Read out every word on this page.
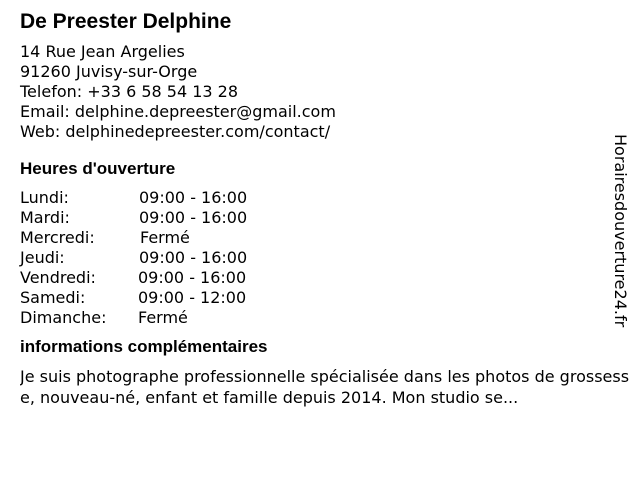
De Preester Delphine
14 Rue Jean Argelies
91260 Juvisy-sur-Orge
Telefon: +33 6 58 54 13 28
Email: delphine.depreester@gmail.com
Web: delphinedepreester.com/contact/
Heures d'ouverture
Lundi:	09:00 - 16:00
Mardi:	09:00 - 16:00
Mercredi:	Fermé
Jeudi:	09:00 - 16:00
Vendredi:	09:00 - 16:00
Samedi:	09:00 - 12:00
Dimanche: Fermé
informations complémentaires

Je suis photographe professionnelle spécialisée dans les photos de grossesse, nouveau-né, enfant et famille depuis 2014. Mon studio se...

Horairesdouverture24.fr
